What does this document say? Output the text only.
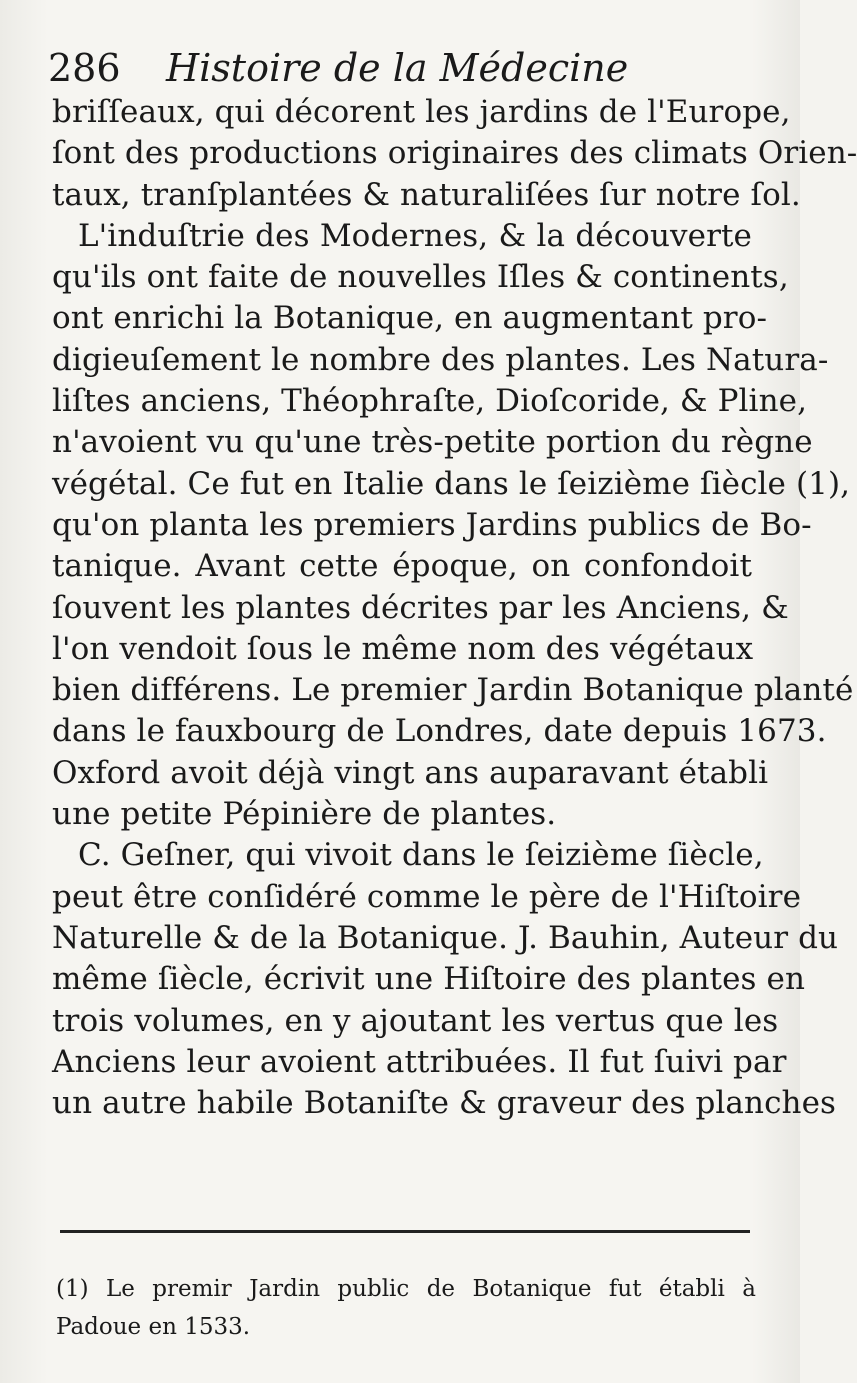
286 Histoire de la Médecine
briſſeaux, qui décorent les jardins de l'Europe,
ſont des productions originaires des climats Orien-
taux, tranſplantées & naturaliſées ſur notre ſol.
L'induſtrie des Modernes, & la découverte
qu'ils ont faite de nouvelles Iſles & continents,
ont enrichi la Botanique, en augmentant pro-
digieuſement le nombre des plantes. Les Natura-
liſtes anciens, Théophraſte, Dioſcoride, & Pline,
n'avoient vu qu'une très-petite portion du règne
végétal. Ce fut en Italie dans le ſeizième ſiècle (1),
qu'on planta les premiers Jardins publics de Bo-
tanique. Avant cette époque, on confondoit
ſouvent les plantes décrites par les Anciens, &
l'on vendoit ſous le même nom des végétaux
bien différens. Le premier Jardin Botanique planté
dans le fauxbourg de Londres, date depuis 1673.
Oxford avoit déjà vingt ans auparavant établi
une petite Pépinière de plantes.
C. Geſner, qui vivoit dans le ſeizième ſiècle,
peut être conſidéré comme le père de l'Hiſtoire
Naturelle & de la Botanique. J. Bauhin, Auteur du
même ſiècle, écrivit une Hiſtoire des plantes en
trois volumes, en y ajoutant les vertus que les
Anciens leur avoient attribuées. Il fut ſuivi par
un autre habile Botaniſte & graveur des planches
(1) Le premir Jardin public de Botanique fut établi à
Padoue en 1533.
